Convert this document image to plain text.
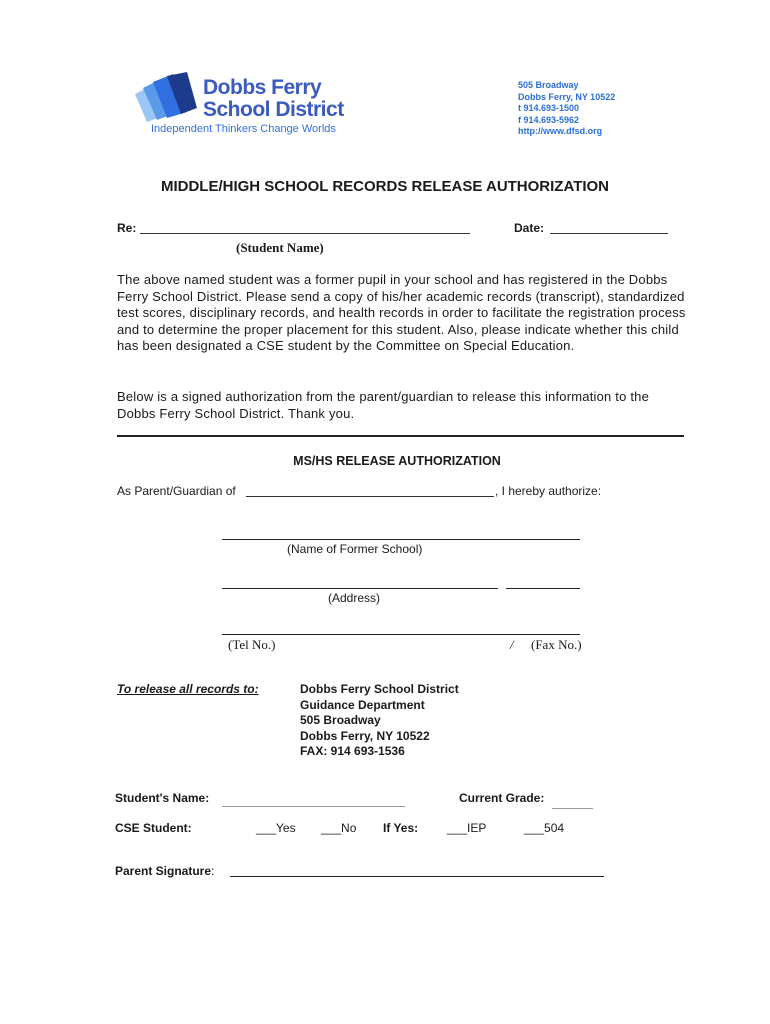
Dobbs Ferry
School District
Independent Thinkers Change Worlds
505 Broadway
Dobbs Ferry, NY 10522
t 914.693-1500
f 914.693-5962
http://www.dfsd.org
MIDDLE/HIGH SCHOOL RECORDS RELEASE AUTHORIZATION
Re:	Date:
(Student Name)
The above named student was a former pupil in your school and has registered in the Dobbs Ferry School District. Please send a copy of his/her academic records (transcript), standardized test scores, disciplinary records, and health records in order to facilitate the registration process and to determine the proper placement for this student. Also, please indicate whether this child has been designated a CSE student by the Committee on Special Education.
Below is a signed authorization from the parent/guardian to release this information to the Dobbs Ferry School District. Thank you.
MS/HS RELEASE AUTHORIZATION
As Parent/Guardian of	, I hereby authorize:
(Name of Former School)
(Address)
(Tel No.)	/ (Fax No.)
To release all records to:	Dobbs Ferry School District
Guidance Department
505 Broadway
Dobbs Ferry, NY 10522
FAX: 914 693-1536
Student's Name:	Current Grade:
CSE Student:	___Yes ___No If Yes: ___IEP	___504
Parent Signature:
